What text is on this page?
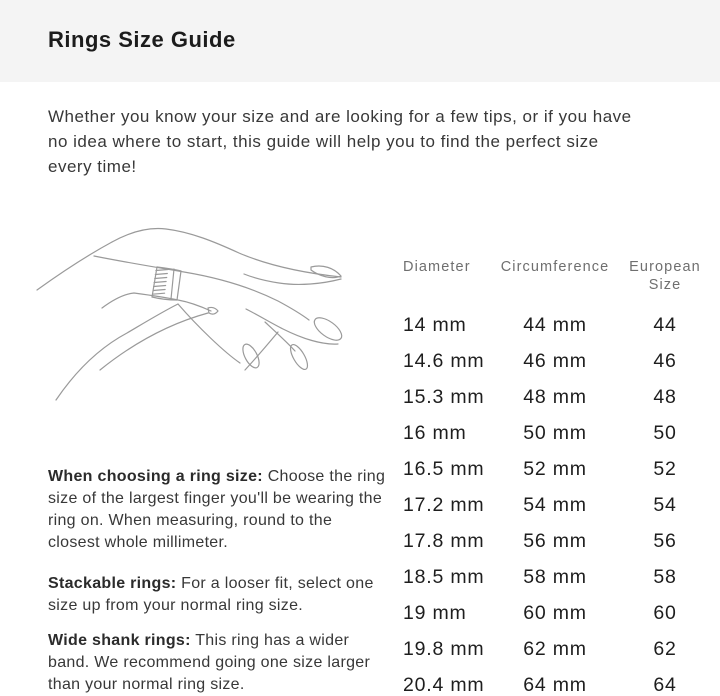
Rings Size Guide

Whether you know your size and are looking for a few tips, or if you have no idea where to start, this guide will help you to find the perfect size every time!

When choosing a ring size: Choose the ring size of the largest finger you'll be wearing the ring on. When measuring, round to the closest whole millimeter.

Stackable rings: For a looser fit, select one size up from your normal ring size.

Wide shank rings: This ring has a wider band. We recommend going one size larger than your normal ring size.

Diameter	Circumference	European Size
14 mm	44 mm	44
14.6 mm	46 mm	46
15.3 mm	48 mm	48
16 mm	50 mm	50
16.5 mm	52 mm	52
17.2 mm	54 mm	54
17.8 mm	56 mm	56
18.5 mm	58 mm	58
19 mm	60 mm	60
19.8 mm	62 mm	62
20.4 mm	64 mm	64
